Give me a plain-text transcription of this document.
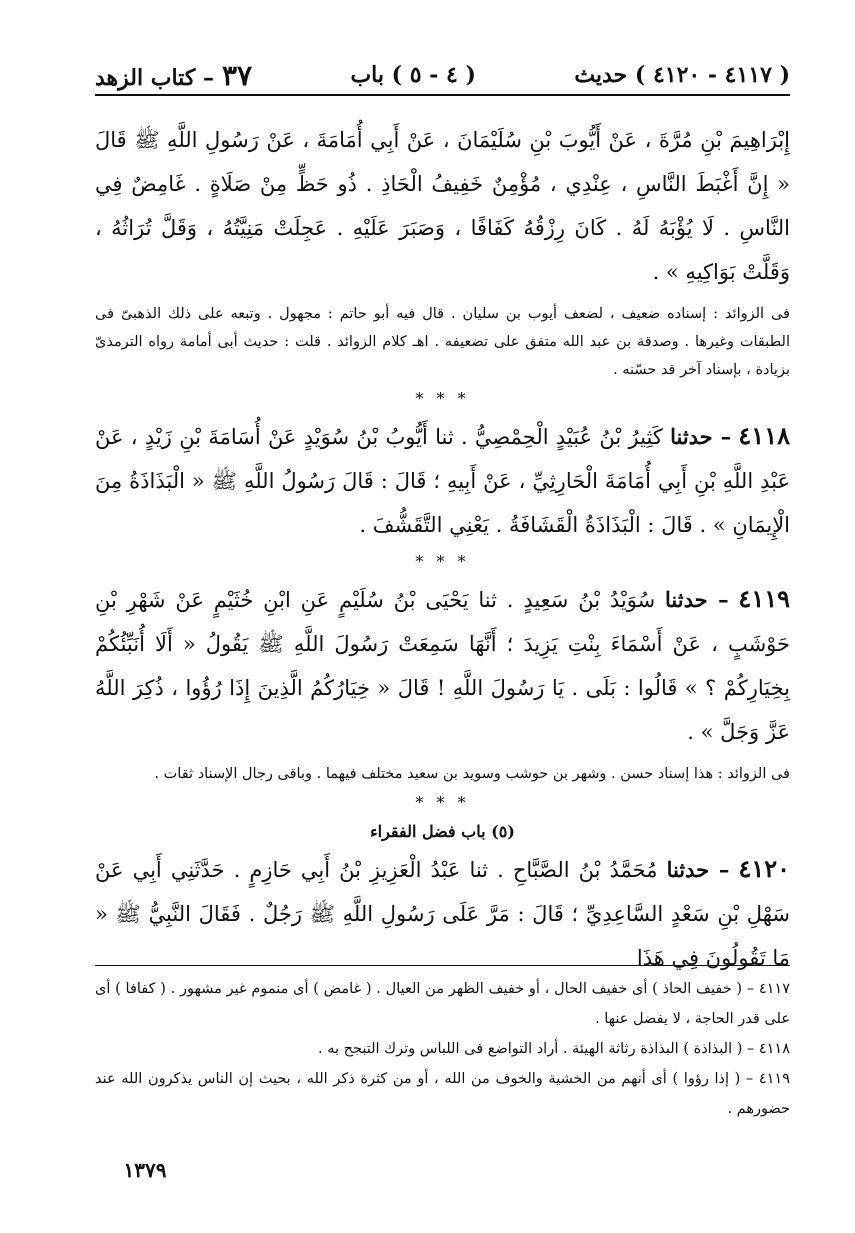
٣٧
– كتاب الزهد	( ٤ - ٥ ) باب	( ٤١١٧ - ٤١٢٠ ) حديث

إِبْرَاهِيمَ بْنِ مُرَّةَ ، عَنْ أَيُّوبَ بْنِ سُلَيْمَانَ ، عَنْ أَبِي أُمَامَةَ ، عَنْ رَسُولِ اللَّهِ ﷺ قَالَ « إِنَّ أَغْبَطَ النَّاسِ ، عِنْدِي ، مُؤْمِنٌ خَفِيفُ الْحَاذِ . ذُو حَظٍّ مِنْ صَلَاةٍ . غَامِضٌ فِي النَّاسِ . لَا يُؤْبَهُ لَهُ . كَانَ رِزْقُهُ كَفَافًا ، وَصَبَرَ عَلَيْهِ . عَجِلَتْ مَنِيَّتُهُ ، وَقَلَّ تُرَاثُهُ ، وَقَلَّتْ بَوَاكِيهِ » .

فى الزوائد : إسناده ضعيف ، لضعف أيوب بن سليان . قال فيه أبو حاتم : مجهول . وتبعه على ذلك الذهبىّ فى الطبقات وغيرها . وصدقة بن عبد الله متفق على تضعيفه . اهـ كلام الزوائد . قلت : حديث أبى أمامة رواه الترمذىّ بزيادة ، بإسناد آخر قد حسّنه .

* * *

٤١١٨ – حدثنا كَثِيرُ بْنُ عُبَيْدٍ الْحِمْصِيُّ . ثنا أَيُّوبُ بْنُ سُوَيْدٍ عَنْ أُسَامَةَ بْنِ زَيْدٍ ، عَنْ عَبْدِ اللَّهِ بْنِ أَبِي أُمَامَةَ الْحَارِثِيِّ ، عَنْ أَبِيهِ ؛ قَالَ : قَالَ رَسُولُ اللَّهِ ﷺ « الْبَذَاذَةُ مِنَ الْإِيمَانِ » . قَالَ : الْبَذَاذَةُ الْقَشَافَةُ . يَعْنِي التَّقَشُّفَ .

* * *

٤١١٩ – حدثنا سُوَيْدُ بْنُ سَعِيدٍ . ثنا يَحْيَى بْنُ سُلَيْمٍ عَنِ ابْنِ خُثَيْمٍ عَنْ شَهْرِ بْنِ حَوْشَبٍ ، عَنْ أَسْمَاءَ بِنْتِ يَزِيدَ ؛ أَنَّهَا سَمِعَتْ رَسُولَ اللَّهِ ﷺ يَقُولُ « أَلَا أُنَبِّئُكُمْ بِخِيَارِكُمْ ؟ » قَالُوا : بَلَى . يَا رَسُولَ اللَّهِ ! قَالَ « خِيَارُكُمُ الَّذِينَ إِذَا رُؤُوا ، ذُكِرَ اللَّهُ عَزَّ وَجَلَّ » .

فى الزوائد : هذا إسناد حسن . وشهر بن حوشب وسويد بن سعيد مختلف فيهما . وباقى رجال الإسناد ثقات .

* * *
(٥) باب فضل الفقراء

٤١٢٠ – حدثنا مُحَمَّدُ بْنُ الصَّبَّاحِ . ثنا عَبْدُ الْعَزِيزِ بْنُ أَبِي حَازِمٍ . حَدَّثَنِي أَبِي عَنْ سَهْلِ بْنِ سَعْدٍ السَّاعِدِيِّ ؛ قَالَ : مَرَّ عَلَى رَسُولِ اللَّهِ ﷺ رَجُلٌ . فَقَالَ النَّبِيُّ ﷺ « مَا تَقُولُونَ فِي هَذَا

٤١١٧ – ( خفيف الحاذ ) أى خفيف الحال ، أو خفيف الظهر من العيال . ( غامض ) أى منموم غير مشهور . ( كفافا ) أى على قدر الحاجة ، لا يفضل عنها .

٤١١٨ – ( البذاذة ) البذاذة رثاثة الهيئة . أراد التواضع فى اللباس وترك التبجح به .

٤١١٩ – ( إذا رؤوا ) أى أنهم من الخشية والخوف من الله ، أو من كثرة ذكر الله ، بحيث إن الناس يذكرون الله عند حضورهم .

١٣٧٩
